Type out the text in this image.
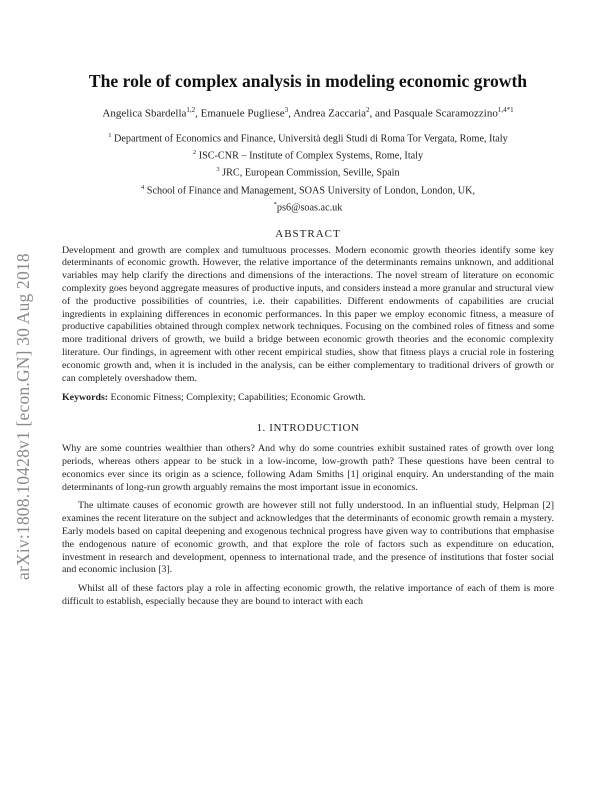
arXiv:1808.10428v1 [econ.GN] 30 Aug 2018
The role of complex analysis in modeling economic growth
Angelica Sbardella$^{1,2}$, Emanuele Pugliese$^3$, Andrea Zaccaria$^2$, and Pasquale Scaramozzino$^{1,4*1}$
$^1$ Department of Economics and Finance, Università degli Studi di Roma Tor Vergata, Rome, Italy
$^2$ ISC-CNR – Institute of Complex Systems, Rome, Italy
$^3$ JRC, European Commission, Seville, Spain
$^4$ School of Finance and Management, SOAS University of London, London, UK,
*ps6@soas.ac.uk
ABSTRACT

Development and growth are complex and tumultuous processes. Modern economic growth theories identify some key determinants of economic growth. However, the relative importance of the determinants remains unknown, and additional variables may help clarify the directions and dimensions of the interactions. The novel stream of literature on economic complexity goes beyond aggregate measures of productive inputs, and considers instead a more granular and structural view of the productive possibilities of countries, i.e. their capabilities. Different endowments of capabilities are crucial ingredients in explaining differences in economic performances. In this paper we employ economic fitness, a measure of productive capabilities obtained through complex network techniques. Focusing on the combined roles of fitness and some more traditional drivers of growth, we build a bridge between economic growth theories and the economic complexity literature. Our findings, in agreement with other recent empirical studies, show that fitness plays a crucial role in fostering economic growth and, when it is included in the analysis, can be either complementary to traditional drivers of growth or can completely overshadow them.

Keywords: Economic Fitness; Complexity; Capabilities; Economic Growth.

1. INTRODUCTION

Why are some countries wealthier than others? And why do some countries exhibit sustained rates of growth over long periods, whereas others appear to be stuck in a low-income, low-growth path? These questions have been central to economics ever since its origin as a science, following Adam Smiths [1] original enquiry. An understanding of the main determinants of long-run growth arguably remains the most important issue in economics.

The ultimate causes of economic growth are however still not fully understood. In an influential study, Helpman [2] examines the recent literature on the subject and acknowledges that the determinants of economic growth remain a mystery. Early models based on capital deepening and exogenous technical progress have given way to contributions that emphasise the endogenous nature of economic growth, and that explore the role of factors such as expenditure on education, investment in research and development, openness to international trade, and the presence of institutions that foster social and economic inclusion [3].

Whilst all of these factors play a role in affecting economic growth, the relative importance of each of them is more difficult to establish, especially because they are bound to interact with each
